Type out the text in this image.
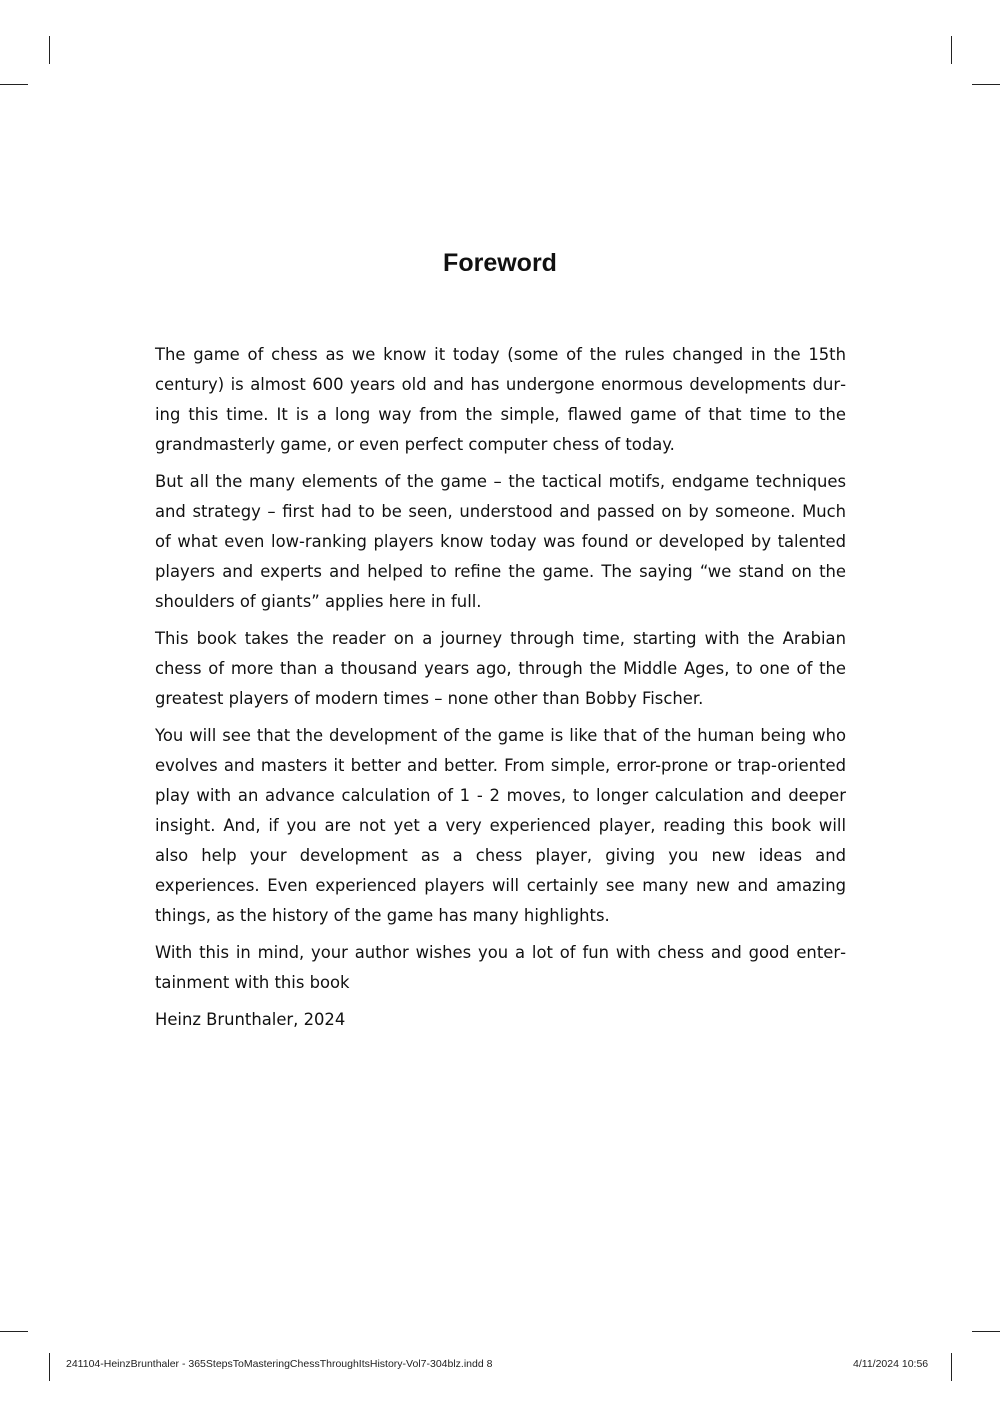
Foreword

The game of chess as we know it today (some of the rules changed in the 15th century) is almost 600 years old and has undergone enormous developments during this time. It is a long way from the simple, flawed game of that time to the grandmasterly game, or even perfect computer chess of today.

But all the many elements of the game – the tactical motifs, endgame techniques and strategy – first had to be seen, understood and passed on by someone. Much of what even low-ranking players know today was found or developed by talented players and experts and helped to refine the game. The saying “we stand on the shoulders of giants” applies here in full.

This book takes the reader on a journey through time, starting with the Arabian chess of more than a thousand years ago, through the Middle Ages, to one of the greatest players of modern times – none other than Bobby Fischer.

You will see that the development of the game is like that of the human being who evolves and masters it better and better. From simple, error-prone or trap-oriented play with an advance calculation of 1 - 2 moves, to longer calculation and deeper insight. And, if you are not yet a very experienced player, reading this book will also help your development as a chess player, giving you new ideas and experiences. Even experienced players will certainly see many new and amazing things, as the history of the game has many highlights.

With this in mind, your author wishes you a lot of fun with chess and good entertainment with this book

Heinz Brunthaler, 2024

241104-HeinzBrunthaler - 365StepsToMasteringChessThroughItsHistory-Vol7-304blz.indd 8	4/11/2024 10:56
